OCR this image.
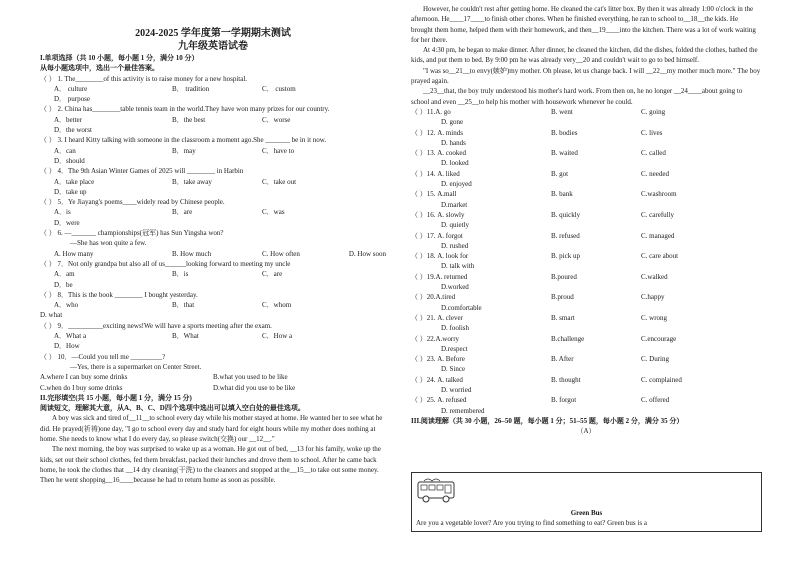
2024-2025 学年度第一学期期末测试
九年级英语试卷

I.单项选择（共 10 小题，每小题 1 分，满分 10 分）

从每小题选项中，选出一个最佳答案。

（ ） 1. The________of this activity is to raise money for a new hospital.

A． culture	B． tradition	C． custom
D． purpose

（ ） 2. China has________table tennis team in the world.They have won many prizes for our country.

A．better	B．the best	C．worse
D．the worst

（ ） 3. I heard Kitty talking with someone in the classroom a moment ago.She _______ be in it now.

A．can	B．may	C．have to
D．should

（ ） 4．The 9th Asian Winter Games of 2025 will ________ in Harbin

A．take place	B．take away	C．take out
D．take up

（ ） 5．Ye Jiayang's poems____widely read by Chinese people.

A．is	B．are	C．was
D．were

（ ） 6. —_______ championships(冠军) has Sun Yingsha won?

—She has won quite a few.

A. How many	B. How much	C. How often	D. How soon

（ ） 7．Not only grandpa but also all of us______looking forward to meeting my uncle

A．am	B．is	C．are
D．be

（ ） 8．This is the book ________ I bought yesterday.

A．who	B．that	C．whom

D. what

（ ） 9．__________exciting news!We will have a sports meeting after the exam.

A．What a	B．What	C．How a
D．How

（ ） 10．—Could you tell me _________?

—Yes, there is a supermarket on Center Street.

A.where I can buy some drinks	B.what you used to be like
C.when do I buy some drinks	D.what did you use to be like

II.完形填空(共 15 小题，每小题 1 分，满分 15 分)

阅读短文，理解其大意，从A、B、C、D四个选项中选出可以填入空白处的最佳选项。

A boy was sick and tired of__11__to school every day while his mother stayed at home. He wanted her to see what he did. He prayed(祈祷)one day, "I go to school every day and study hard for eight hours while my mother does nothing at home. She needs to know what I do every day, so please switch(交换) our __12__."

The next morning, the boy was surprised to wake up as a woman. He got out of bed, __13 for his family, woke up the kids, set out their school clothes, fed them breakfast, packed their lunches and drove them to school. After he came back home, he took the clothes that __14 dry cleaning(干洗) to the cleaners and stopped at the__15__to take out some money. Then he went shopping__16____because he had to return home as soon as possible.

However, he couldn't rest after getting home. He cleaned the cat's litter box. By then it was already 1:00 o'clock in the afternoon. He____17____to finish other chores. When he finished everything, he ran to school to__18__the kids. He brought them home, helped them with their homework, and then__19____into the kitchen. There was a lot of work waiting for her there.

At 4:30 pm, he began to make dinner. After dinner, he cleaned the kitchen, did the dishes, folded the clothes, bathed the kids, and put them to bed. By 9:00 pm he was already very__20 and couldn't wait to go to bed himself.

"I was so__21__to envy(嫉妒)my mother. Oh please, let us change back. I will __22__my mother much more." The boy prayed again.

__23__that, the boy truly understood his mother's hard work. From then on, he no longer __24____about going to school and even __25__to help his mother with housework whenever he could.

（ ）11.A. go	B. went	C. going
D. gone
（ ）12. A. minds	B. bodies	C. lives
D. hands
（ ）13. A. cooked	B. waited	C. called
D. looked
（ ）14. A. liked	B. got	C. needed
D. enjoyed
（ ）15. A.mall	B. bank	C.washroom
D.market
（ ）16. A. slowly	B. quickly	C. carefully
D. quietly
（ ）17. A. forgot	B. refused	C. managed
D. rushed
（ ）18. A. look for	B. pick up	C. care about
D. talk with
（ ）19.A. returned	B.poured	C.walked
D.worked
（ ）20.A.tired	B.proud	C.happy
D.comfortable
（ ）21. A. clever	B. smart	C. wrong
D. foolish
（ ）22.A.worry	B.challenge	C.encourage
D.respect
（ ）23. A. Before	B. After	C. During
D. Since
（ ）24. A. talked	B. thought	C. complained
D. worried
（ ）25. A. refused	B. forgot	C. offered
D. remembered

III.阅读理解（共 30 小题，26–50 题，每小题 1 分；51–55 题，每小题 2 分，满分 35 分）

（A）

Green Bus
Are you a vegetable lover? Are you trying to find something to eat? Green bus is a
